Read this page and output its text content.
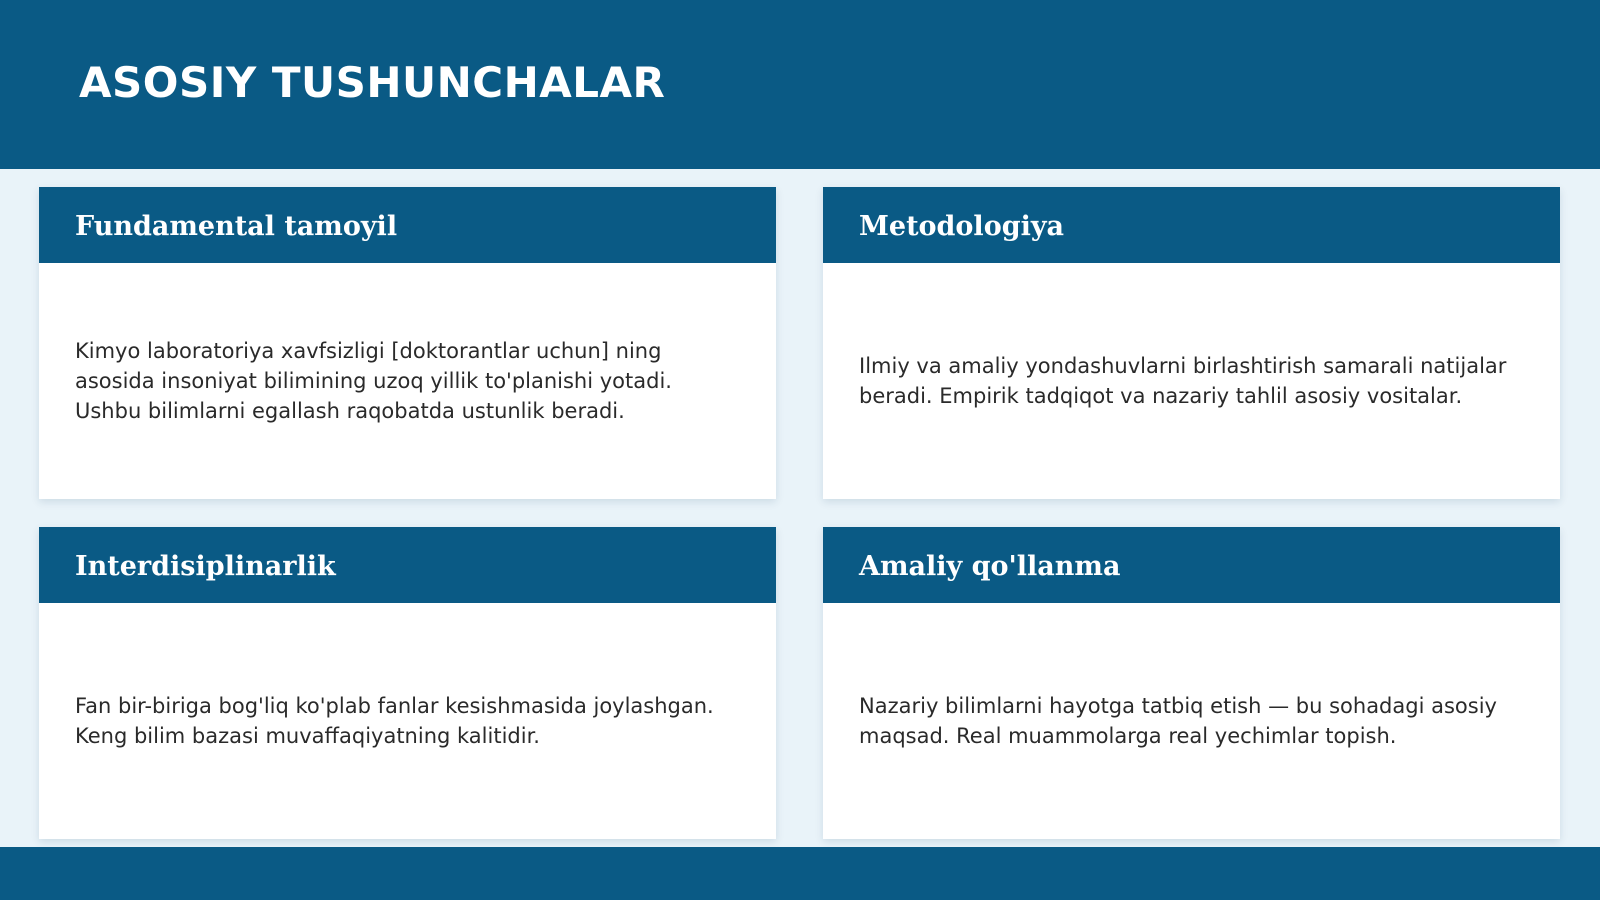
ASOSIY TUSHUNCHALAR
Fundamental tamoyil
Kimyo laboratoriya xavfsizligi [doktorantlar uchun] ning asosida insoniyat bilimining uzoq yillik to'planishi yotadi. Ushbu bilimlarni egallash raqobatda ustunlik beradi.
Metodologiya
Ilmiy va amaliy yondashuvlarni birlashtirish samarali natijalar beradi. Empirik tadqiqot va nazariy tahlil asosiy vositalar.
Interdisiplinarlik
Fan bir-biriga bog'liq ko'plab fanlar kesishmasida joylashgan. Keng bilim bazasi muvaffaqiyatning kalitidir.
Amaliy qo'llanma
Nazariy bilimlarni hayotga tatbiq etish — bu sohadagi asosiy maqsad. Real muammolarga real yechimlar topish.
